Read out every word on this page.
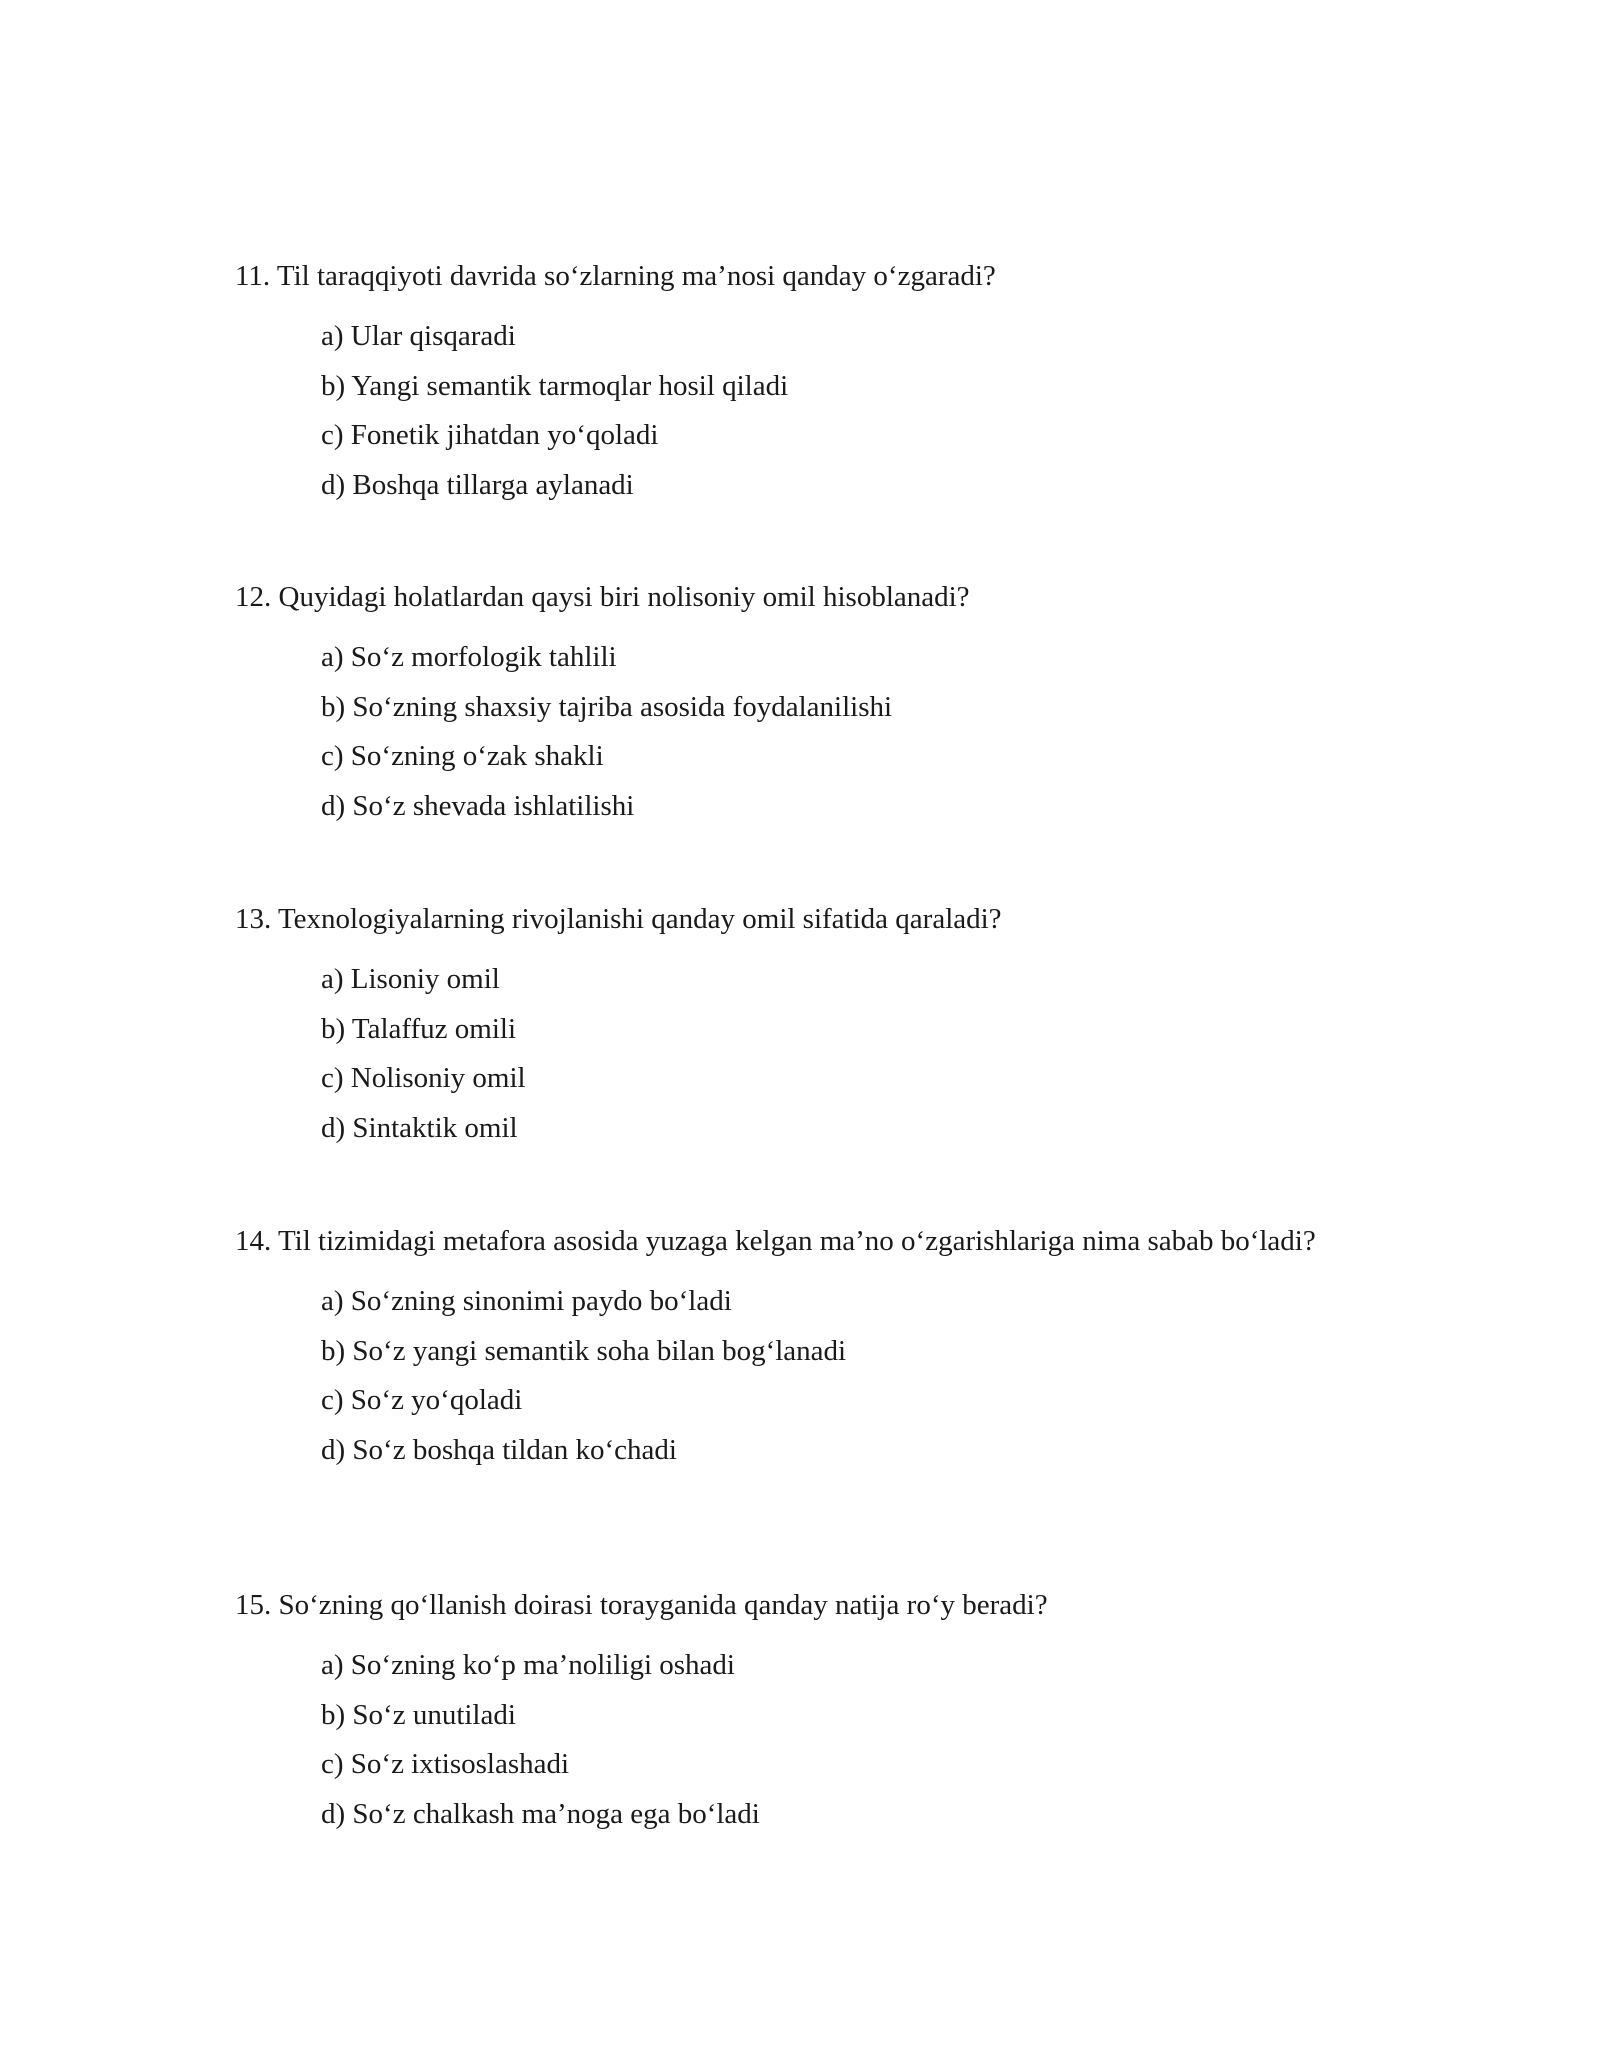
11. Til taraqqiyoti davrida so‘zlarning ma’nosi qanday o‘zgaradi?

a) Ular qisqaradi
b) Yangi semantik tarmoqlar hosil qiladi
c) Fonetik jihatdan yo‘qoladi
d) Boshqa tillarga aylanadi

12. Quyidagi holatlardan qaysi biri nolisoniy omil hisoblanadi?

a) So‘z morfologik tahlili
b) So‘zning shaxsiy tajriba asosida foydalanilishi
c) So‘zning o‘zak shakli
d) So‘z shevada ishlatilishi

13. Texnologiyalarning rivojlanishi qanday omil sifatida qaraladi?

a) Lisoniy omil
b) Talaffuz omili
c) Nolisoniy omil
d) Sintaktik omil

14. Til tizimidagi metafora asosida yuzaga kelgan ma’no o‘zgarishlariga nima sabab bo‘ladi?

a) So‘zning sinonimi paydo bo‘ladi
b) So‘z yangi semantik soha bilan bog‘lanadi
c) So‘z yo‘qoladi
d) So‘z boshqa tildan ko‘chadi

15. So‘zning qo‘llanish doirasi torayganida qanday natija ro‘y beradi?

a) So‘zning ko‘p ma’noliligi oshadi
b) So‘z unutiladi
c) So‘z ixtisoslashadi
d) So‘z chalkash ma’noga ega bo‘ladi
